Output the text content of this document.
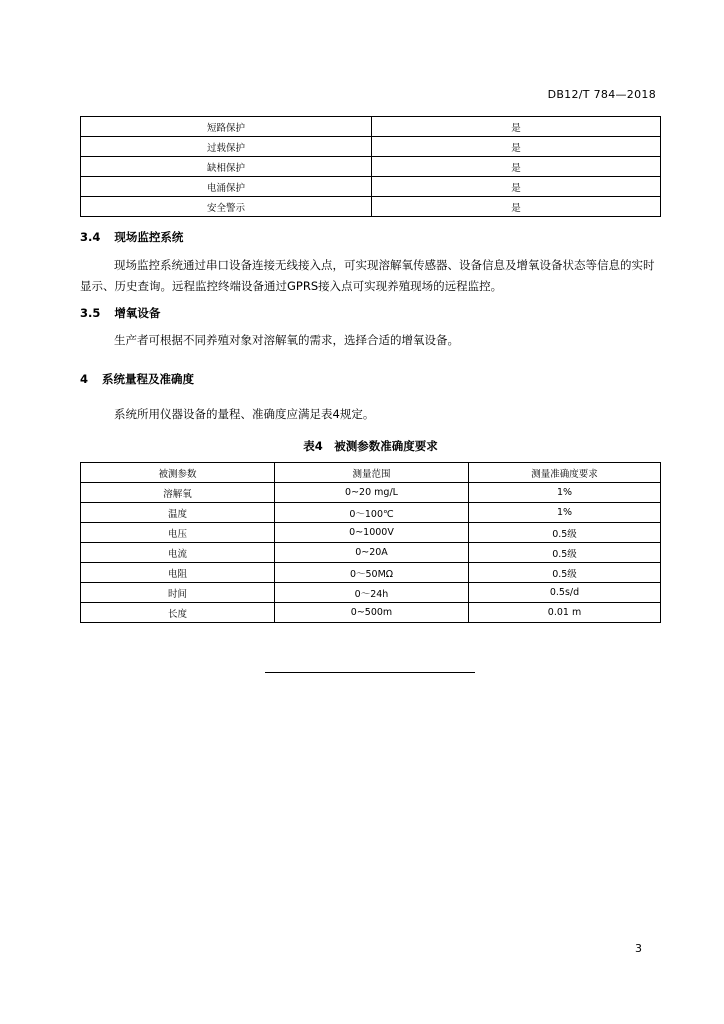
DB12/T 784—2018
短路保护	是
过载保护	是
缺相保护	是
电涌保护	是
安全警示	是
3.4 现场监控系统
现场监控系统通过串口设备连接无线接入点，可实现溶解氧传感器、设备信息及增氧设备状态等信息的实时显示、历史查询。远程监控终端设备通过GPRS接入点可实现养殖现场的远程监控。
3.5 增氧设备
生产者可根据不同养殖对象对溶解氧的需求，选择合适的增氧设备。
4 系统量程及准确度
系统所用仪器设备的量程、准确度应满足表4规定。
表4　被测参数准确度要求
被测参数	测量范围	测量准确度要求
溶解氧	0~20 mg/L	1%
温度	0～100℃	1%
电压	0~1000V	0.5级
电流	0~20A	0.5级
电阻	0～50MΩ	0.5级
时间	0～24h	0.5s/d
长度	0~500m	0.01 m
3
